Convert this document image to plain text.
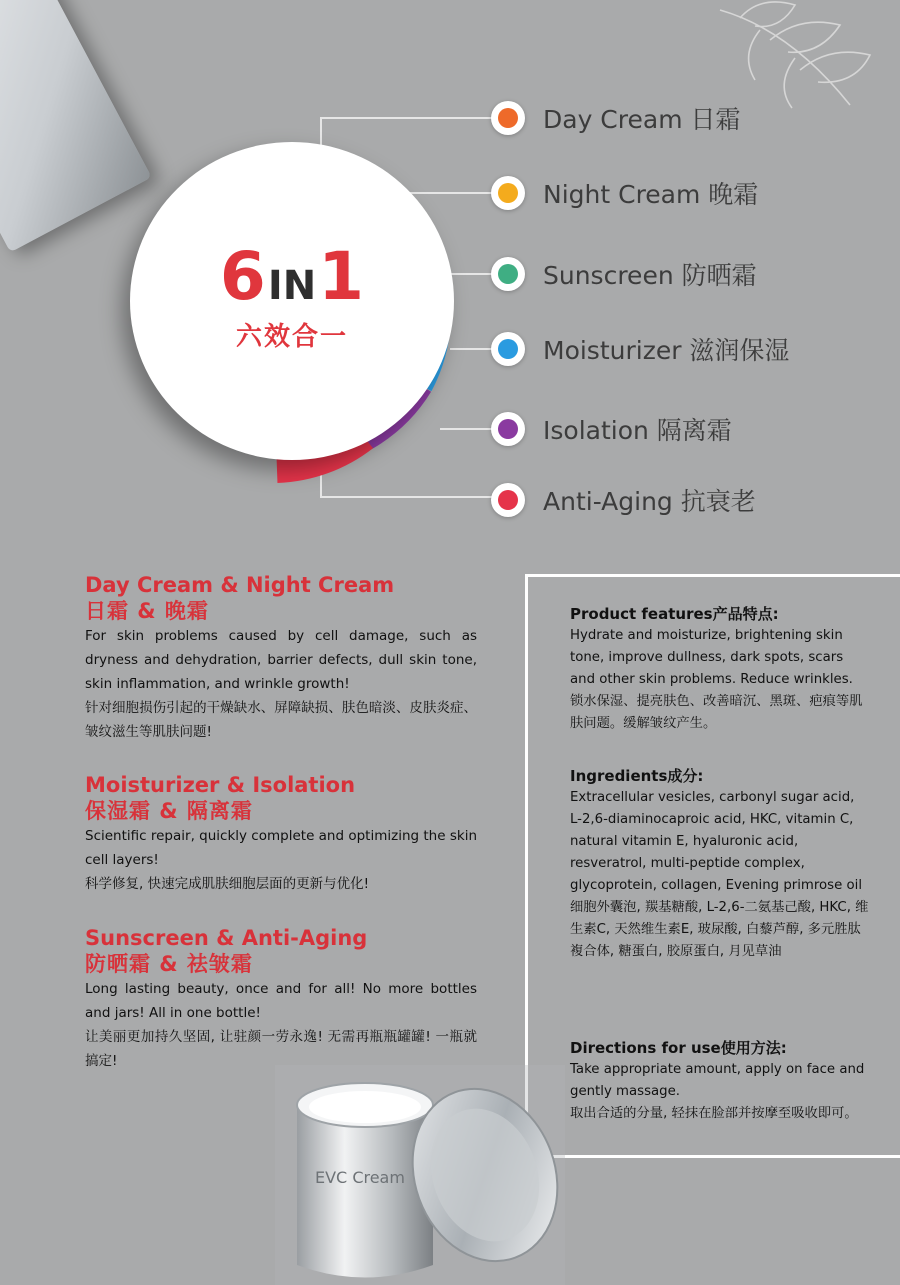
6 IN 1
六效合一
Day Cream 日霜
Night Cream 晚霜
Sunscreen 防晒霜
Moisturizer 滋润保湿
Isolation 隔离霜
Anti-Aging 抗衰老
Day Cream & Night Cream
日霜 & 晚霜
For skin problems caused by cell damage, such as dryness and dehydration, barrier defects, dull skin tone, skin inflammation, and wrinkle growth!
针对细胞损伤引起的干燥缺水、屏障缺损、肤色暗淡、皮肤炎症、皱纹滋生等肌肤问题!
Moisturizer & Isolation
保湿霜 & 隔离霜
Scientific repair, quickly complete and optimizing the skin cell layers!
科学修复, 快速完成肌肤细胞层面的更新与优化!
Sunscreen & Anti-Aging
防晒霜 & 祛皱霜
Long lasting beauty, once and for all! No more bottles and jars! All in one bottle!
让美丽更加持久坚固, 让驻颜一劳永逸! 无需再瓶瓶罐罐! 一瓶就搞定!
Product features产品特点:
Hydrate and moisturize, brightening skin tone, improve dullness, dark spots, scars and other skin problems. Reduce wrinkles.
锁水保湿、提亮肤色、改善暗沉、黑斑、疤痕等肌肤问题。缓解皱纹产生。
Ingredients成分:
Extracellular vesicles, carbonyl sugar acid, L-2,6-diaminocaproic acid, HKC, vitamin C, natural vitamin E, hyaluronic acid, resveratrol, multi-peptide complex, glycoprotein, collagen, Evening primrose oil
细胞外囊泡, 羰基糖酸, L-2,6-二氨基己酸, HKC, 维生素C, 天然维生素E, 玻尿酸, 白藜芦醇, 多元胜肽複合体, 糖蛋白, 胶原蛋白, 月见草油
Directions for use使用方法:
Take appropriate amount, apply on face and gently massage.
取出合适的分量, 轻抹在脸部并按摩至吸收即可。
EVC Cream
